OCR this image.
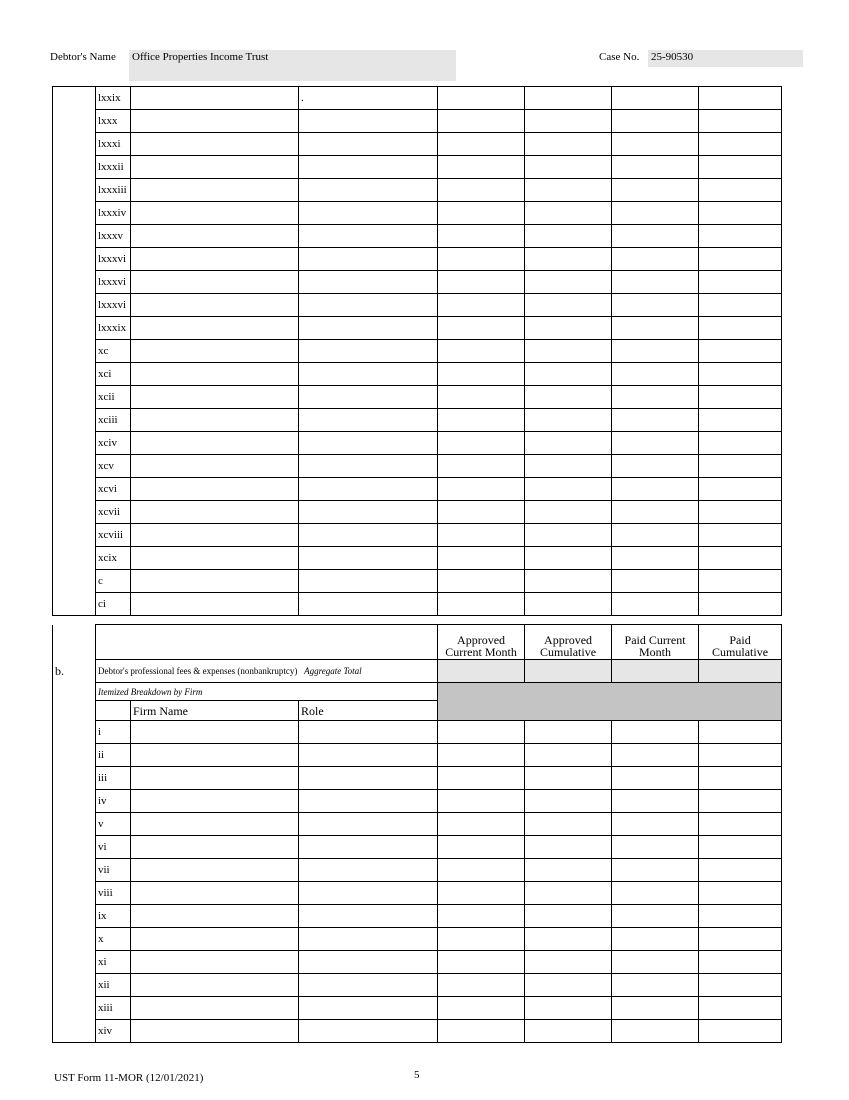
Debtor's Name Office Properties Income Trust	Case No. 25-90530
	lxxix		.				
	lxxx						
	lxxxi						
	lxxxii						
	lxxxiii						
	lxxxiv						
	lxxxv						
	lxxxvi						
	lxxxvi						
	lxxxvi						
	lxxxix						
	xc						
	xci						
	xcii						
	xciii						
	xciv						
	xcv						
	xcvi						
	xcvii						
	xcviii						
	xcix						
	c						
	ci						
				Approved Current Month	Approved Cumulative	Paid Current Month	Paid Cumulative
b.	Debtor's professional fees & expenses (nonbankruptcy) Aggregate Total						
	Itemized Breakdown by Firm						
		Firm Name	Role				
	i						
	ii						
	iii						
	iv						
	v						
	vi						
	vii						
	viii						
	ix						
	x						
	xi						
	xii						
	xiii						
	xiv						
UST Form 11-MOR (12/01/2021)	5
